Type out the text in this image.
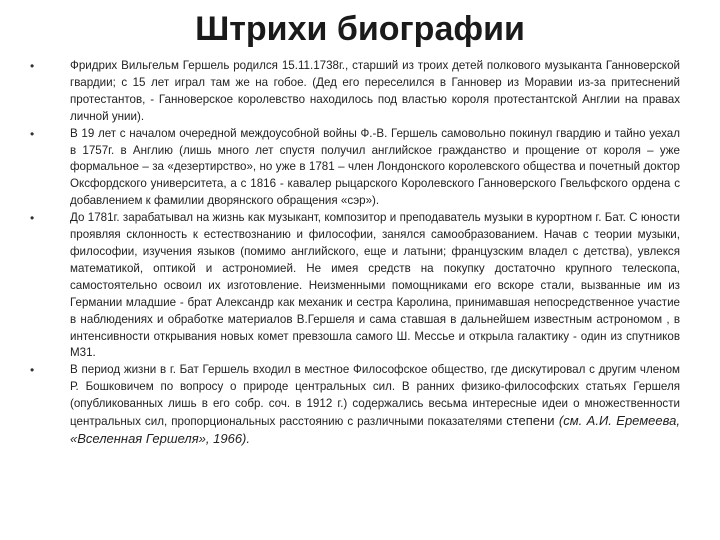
Штрихи биографии
•	Фридрих Вильгельм Гершель родился 15.11.1738г., старший из троих детей полкового музыканта Ганноверской гвардии; с 15 лет играл там же на гобое. (Дед его переселился в Ганновер из Моравии из-за притеснений протестантов, - Ганноверское королевство находилось под властью короля протестантской Англии на правах личной унии).
•	В 19 лет с началом очередной междоусобной войны Ф.-В. Гершель самовольно покинул гвардию и тайно уехал в 1757г. в Англию (лишь много лет спустя получил английское гражданство и прощение от короля – уже формальное – за «дезертирство», но уже в 1781 – член Лондонского королевского общества и почетный доктор Оксфордского университета, а с 1816 - кавалер рыцарского Королевского Ганноверского Гвельфского ордена с добавлением к фамилии дворянского обращения «сэр»).
•	До 1781г. зарабатывал на жизнь как музыкант, композитор и преподаватель музыки в курортном г. Бат. С юности проявляя склонность к естествознанию и философии, занялся самообразованием. Начав с теории музыки, философии, изучения языков (помимо английского, еще и латыни; французским владел с детства), увлекся математикой, оптикой и астрономией. Не имея средств на покупку достаточно крупного телескопа, самостоятельно освоил их изготовление. Неизменными помощниками его вскоре стали, вызванные им из Германии младшие - брат Александр как механик и сестра Каролина, принимавшая непосредственное участие в наблюдениях и обработке материалов В.Гершеля и сама ставшая в дальнейшем известным астрономом , в интенсивности открывания новых комет превзошла самого Ш. Мессье и открыла галактику - один из спутников М31.
•	В период жизни в г. Бат Гершель входил в местное Философское общество, где дискутировал с другим членом Р. Бошковичем по вопросу о природе центральных сил. В ранних физико-философских статьях Гершеля (опубликованных лишь в его собр. соч. в 1912 г.) содержались весьма интересные идеи о множественности центральных сил, пропорциональных расстоянию с различными показателями степени (см. А.И. Еремеева, «Вселенная Гершеля», 1966).
